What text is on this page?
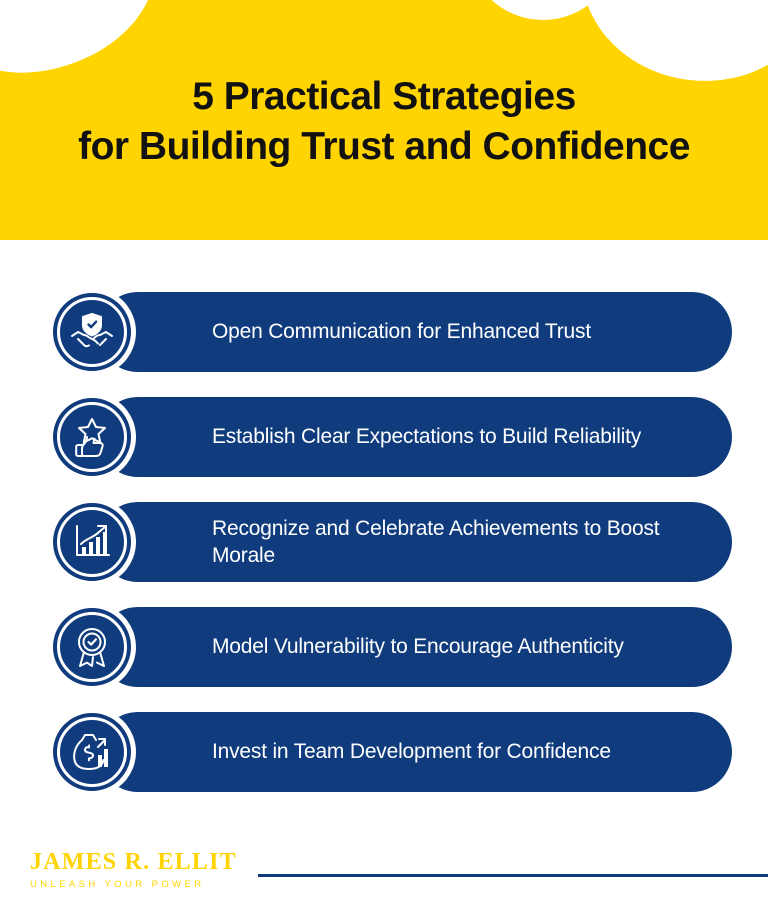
5 Practical Strategies
for Building Trust and Confidence
Open Communication for Enhanced Trust
Establish Clear Expectations to Build Reliability
Recognize and Celebrate Achievements to Boost Morale
Model Vulnerability to Encourage Authenticity
Invest in Team Development for Confidence
JAMES R. ELLIT
UNLEASH YOUR POWER
